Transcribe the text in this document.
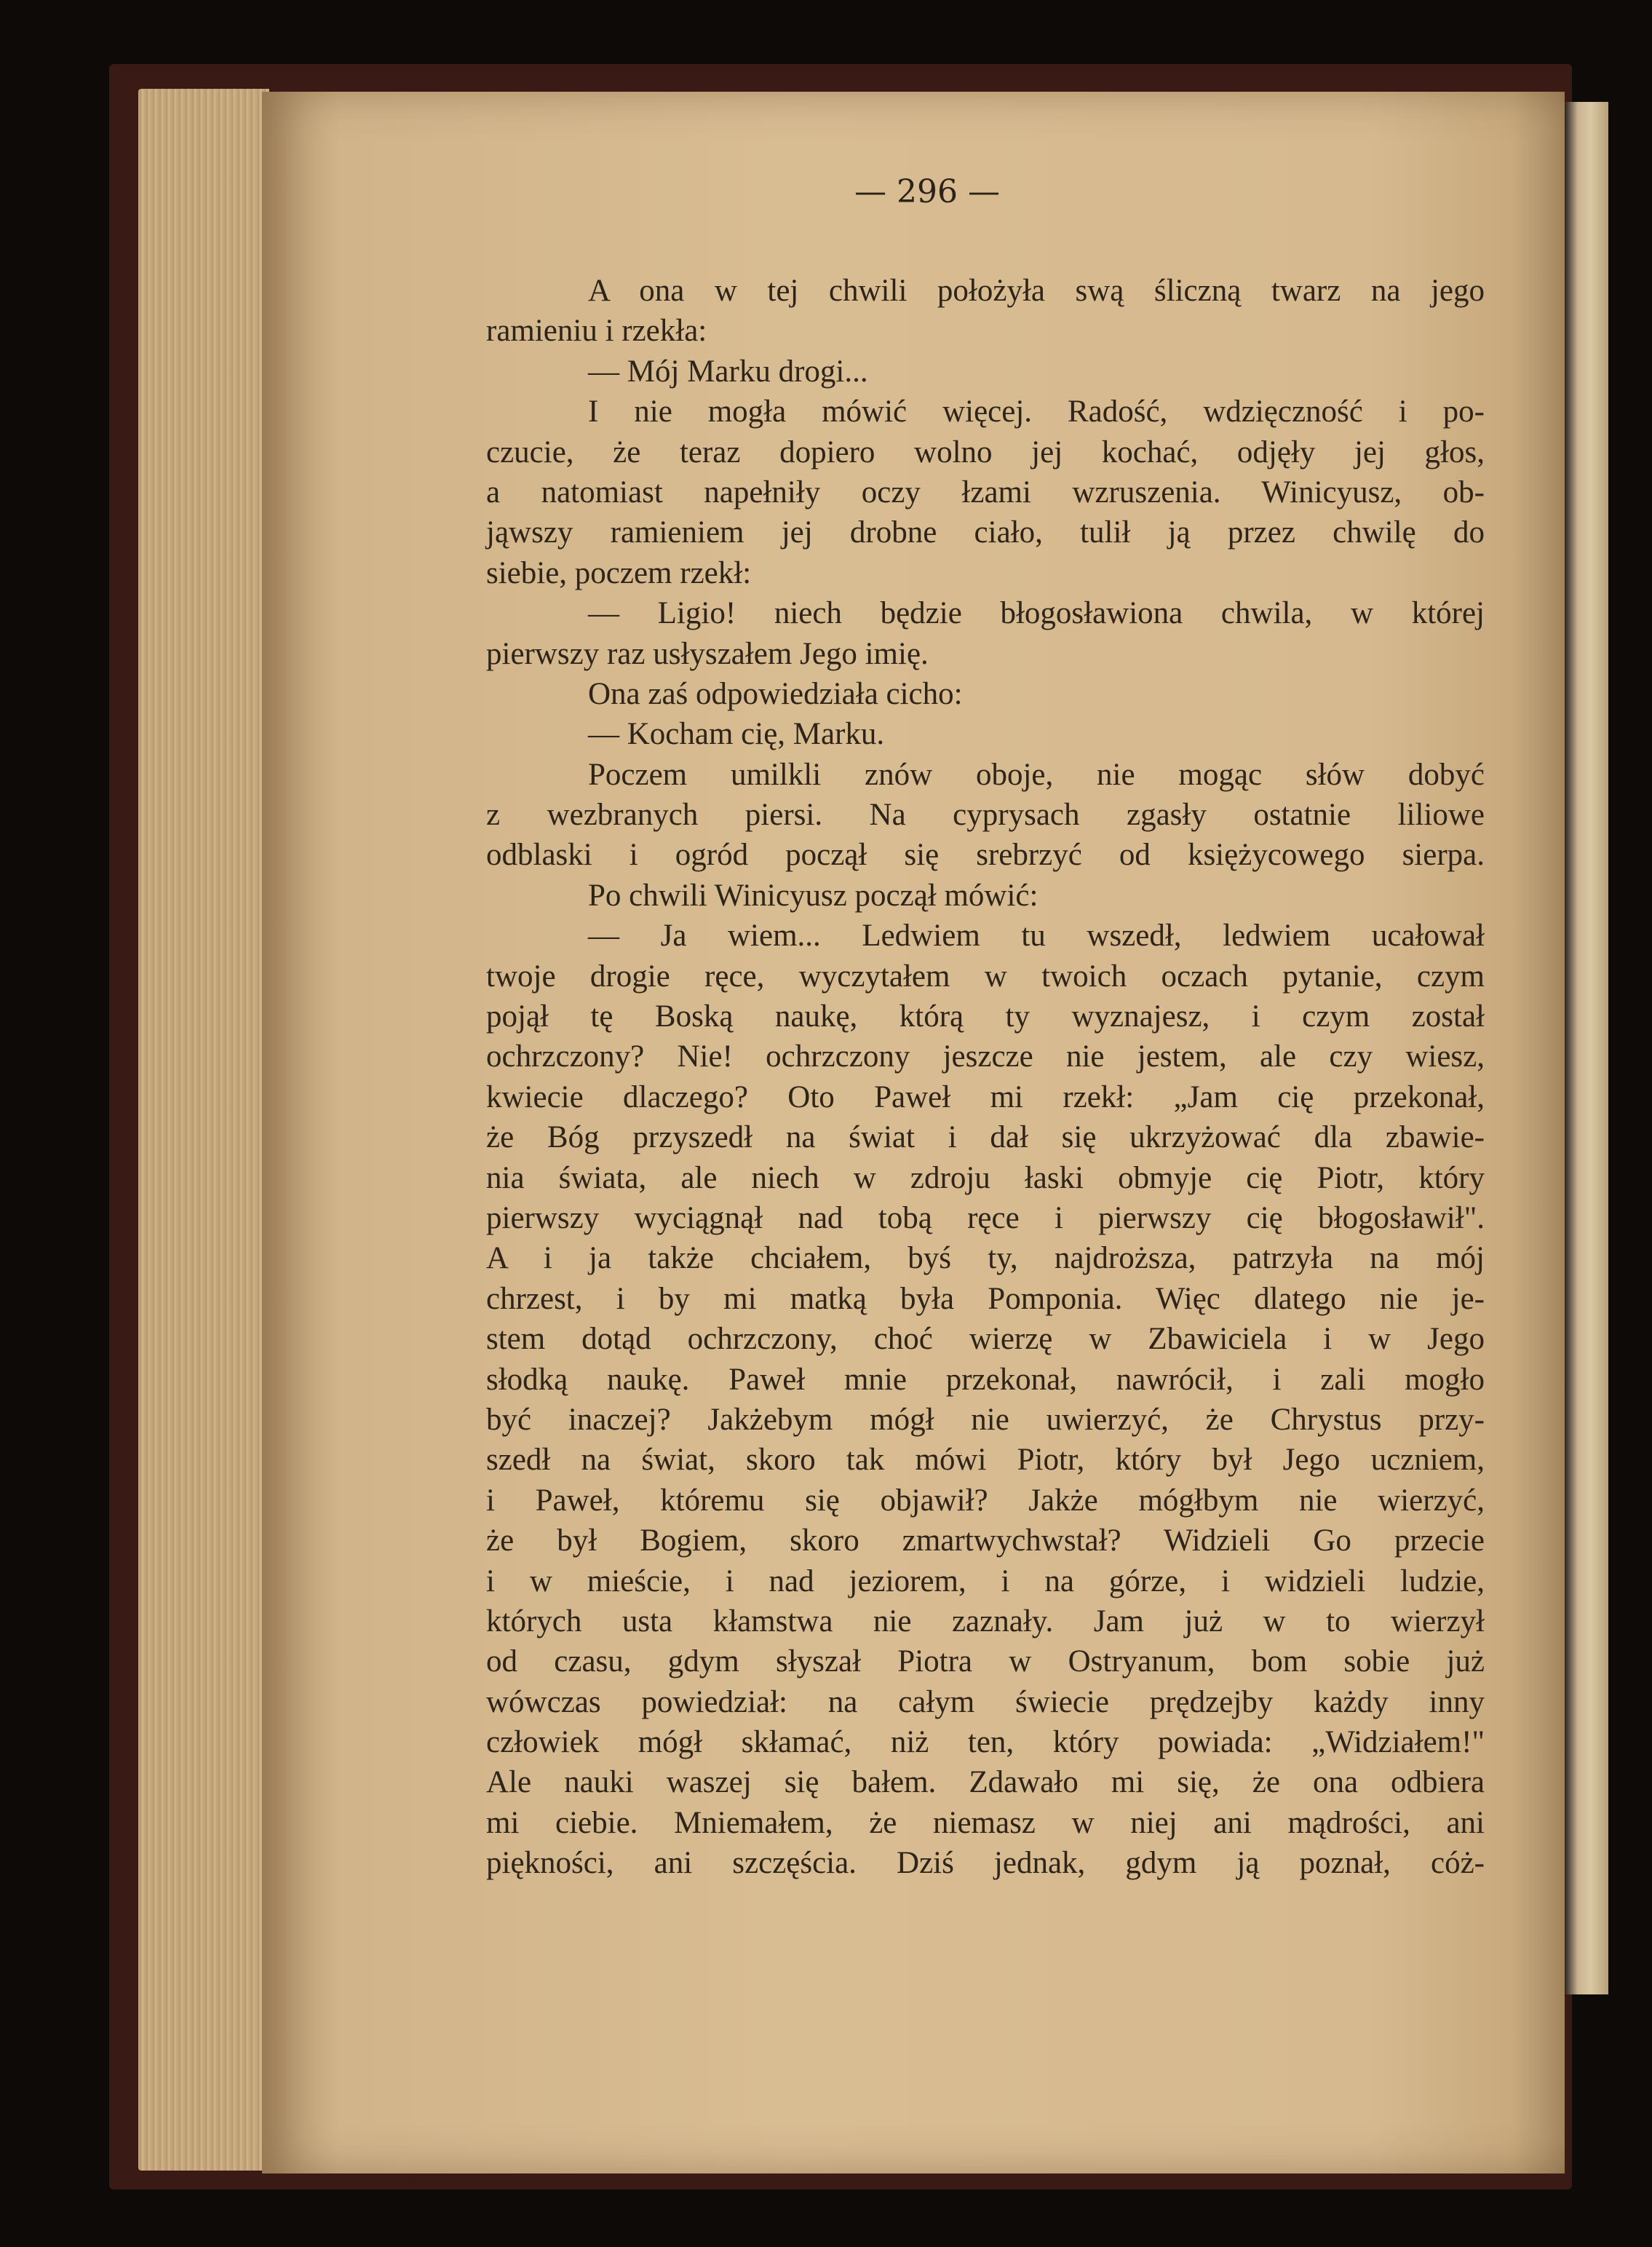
— 296 —
A ona w tej chwili położyła swą śliczną twarz na jego
ramieniu i rzekła:
— Mój Marku drogi...
I nie mogła mówić więcej. Radość, wdzięczność i po-
czucie, że teraz dopiero wolno jej kochać, odjęły jej głos,
a natomiast napełniły oczy łzami wzruszenia. Winicyusz, ob-
jąwszy ramieniem jej drobne ciało, tulił ją przez chwilę do
siebie, poczem rzekł:
— Ligio! niech będzie błogosławiona chwila, w której
pierwszy raz usłyszałem Jego imię.
Ona zaś odpowiedziała cicho:
— Kocham cię, Marku.
Poczem umilkli znów oboje, nie mogąc słów dobyć
z wezbranych piersi. Na cyprysach zgasły ostatnie liliowe
odblaski i ogród począł się srebrzyć od księżycowego sierpa.
Po chwili Winicyusz począł mówić:
— Ja wiem... Ledwiem tu wszedł, ledwiem ucałował
twoje drogie ręce, wyczytałem w twoich oczach pytanie, czym
pojął tę Boską naukę, którą ty wyznajesz, i czym został
ochrzczony? Nie! ochrzczony jeszcze nie jestem, ale czy wiesz,
kwiecie dlaczego? Oto Paweł mi rzekł: „Jam cię przekonał,
że Bóg przyszedł na świat i dał się ukrzyżować dla zbawie-
nia świata, ale niech w zdroju łaski obmyje cię Piotr, który
pierwszy wyciągnął nad tobą ręce i pierwszy cię błogosławił".
A i ja także chciałem, byś ty, najdroższa, patrzyła na mój
chrzest, i by mi matką była Pomponia. Więc dlatego nie je-
stem dotąd ochrzczony, choć wierzę w Zbawiciela i w Jego
słodką naukę. Paweł mnie przekonał, nawrócił, i zali mogło
być inaczej? Jakżebym mógł nie uwierzyć, że Chrystus przy-
szedł na świat, skoro tak mówi Piotr, który był Jego uczniem,
i Paweł, któremu się objawił? Jakże mógłbym nie wierzyć,
że był Bogiem, skoro zmartwychwstał? Widzieli Go przecie
i w mieście, i nad jeziorem, i na górze, i widzieli ludzie,
których usta kłamstwa nie zaznały. Jam już w to wierzył
od czasu, gdym słyszał Piotra w Ostryanum, bom sobie już
wówczas powiedział: na całym świecie prędzejby każdy inny
człowiek mógł skłamać, niż ten, który powiada: „Widziałem!"
Ale nauki waszej się bałem. Zdawało mi się, że ona odbiera
mi ciebie. Mniemałem, że niemasz w niej ani mądrości, ani
piękności, ani szczęścia. Dziś jednak, gdym ją poznał, cóż-
